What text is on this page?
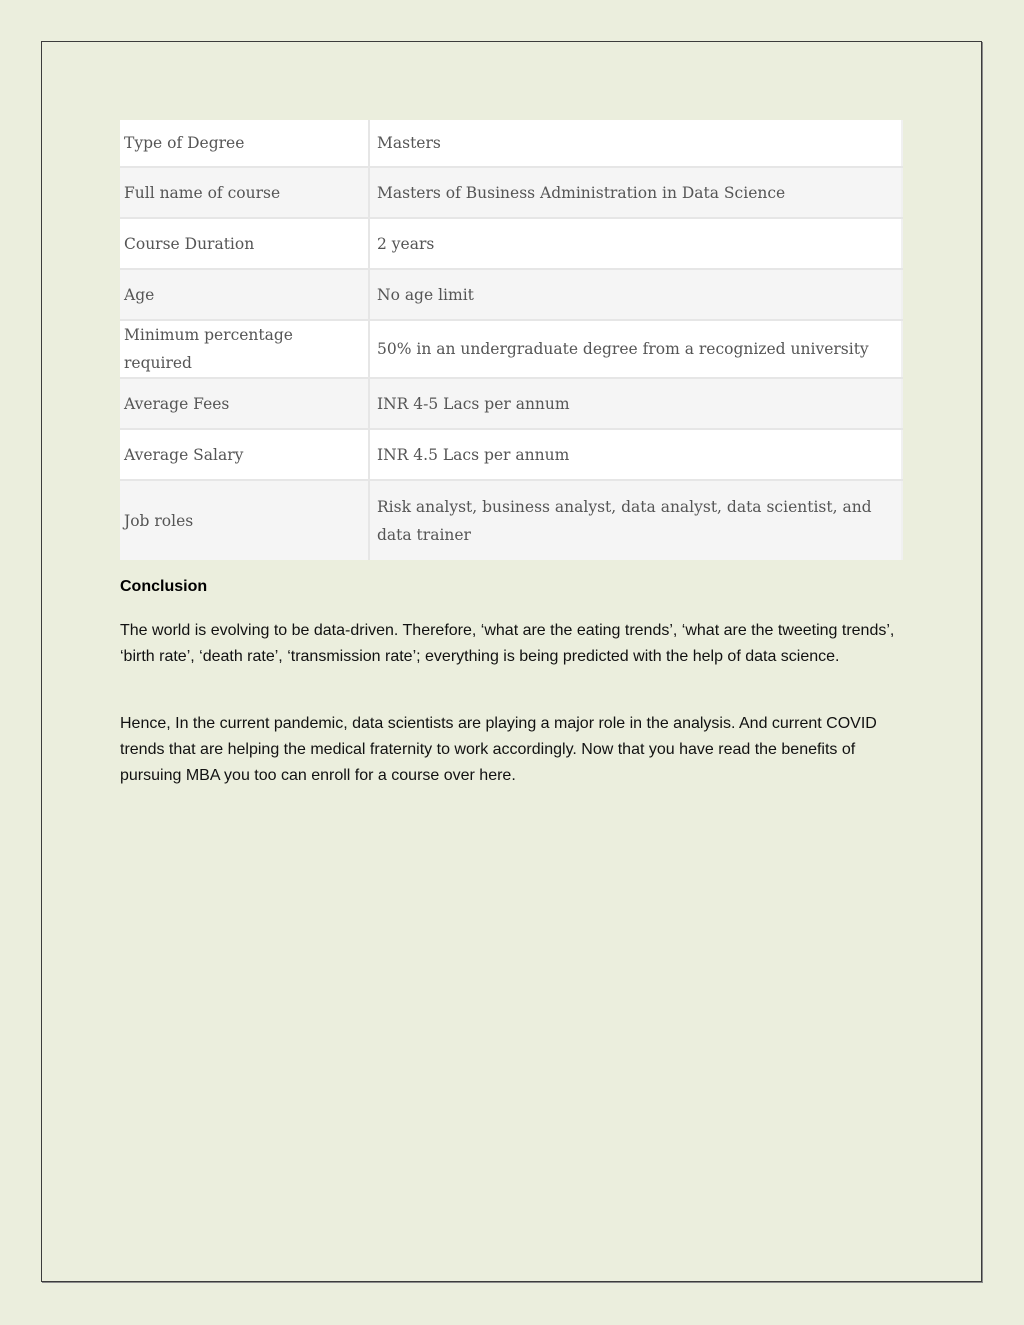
Type of Degree	Masters
Full name of course	Masters of Business Administration in Data Science
Course Duration	2 years
Age	No age limit
Minimum percentage required	50% in an undergraduate degree from a recognized university
Average Fees	INR 4-5 Lacs per annum
Average Salary	INR 4.5 Lacs per annum
Job roles	Risk analyst, business analyst, data analyst, data scientist, and data trainer
Conclusion

The world is evolving to be data-driven. Therefore, ‘what are the eating trends’, ‘what are the tweeting trends’, ‘birth rate’, ‘death rate’, ‘transmission rate’; everything is being predicted with the help of data science.

Hence, In the current pandemic, data scientists are playing a major role in the analysis. And current COVID trends that are helping the medical fraternity to work accordingly. Now that you have read the benefits of pursuing MBA you too can enroll for a course over here.
